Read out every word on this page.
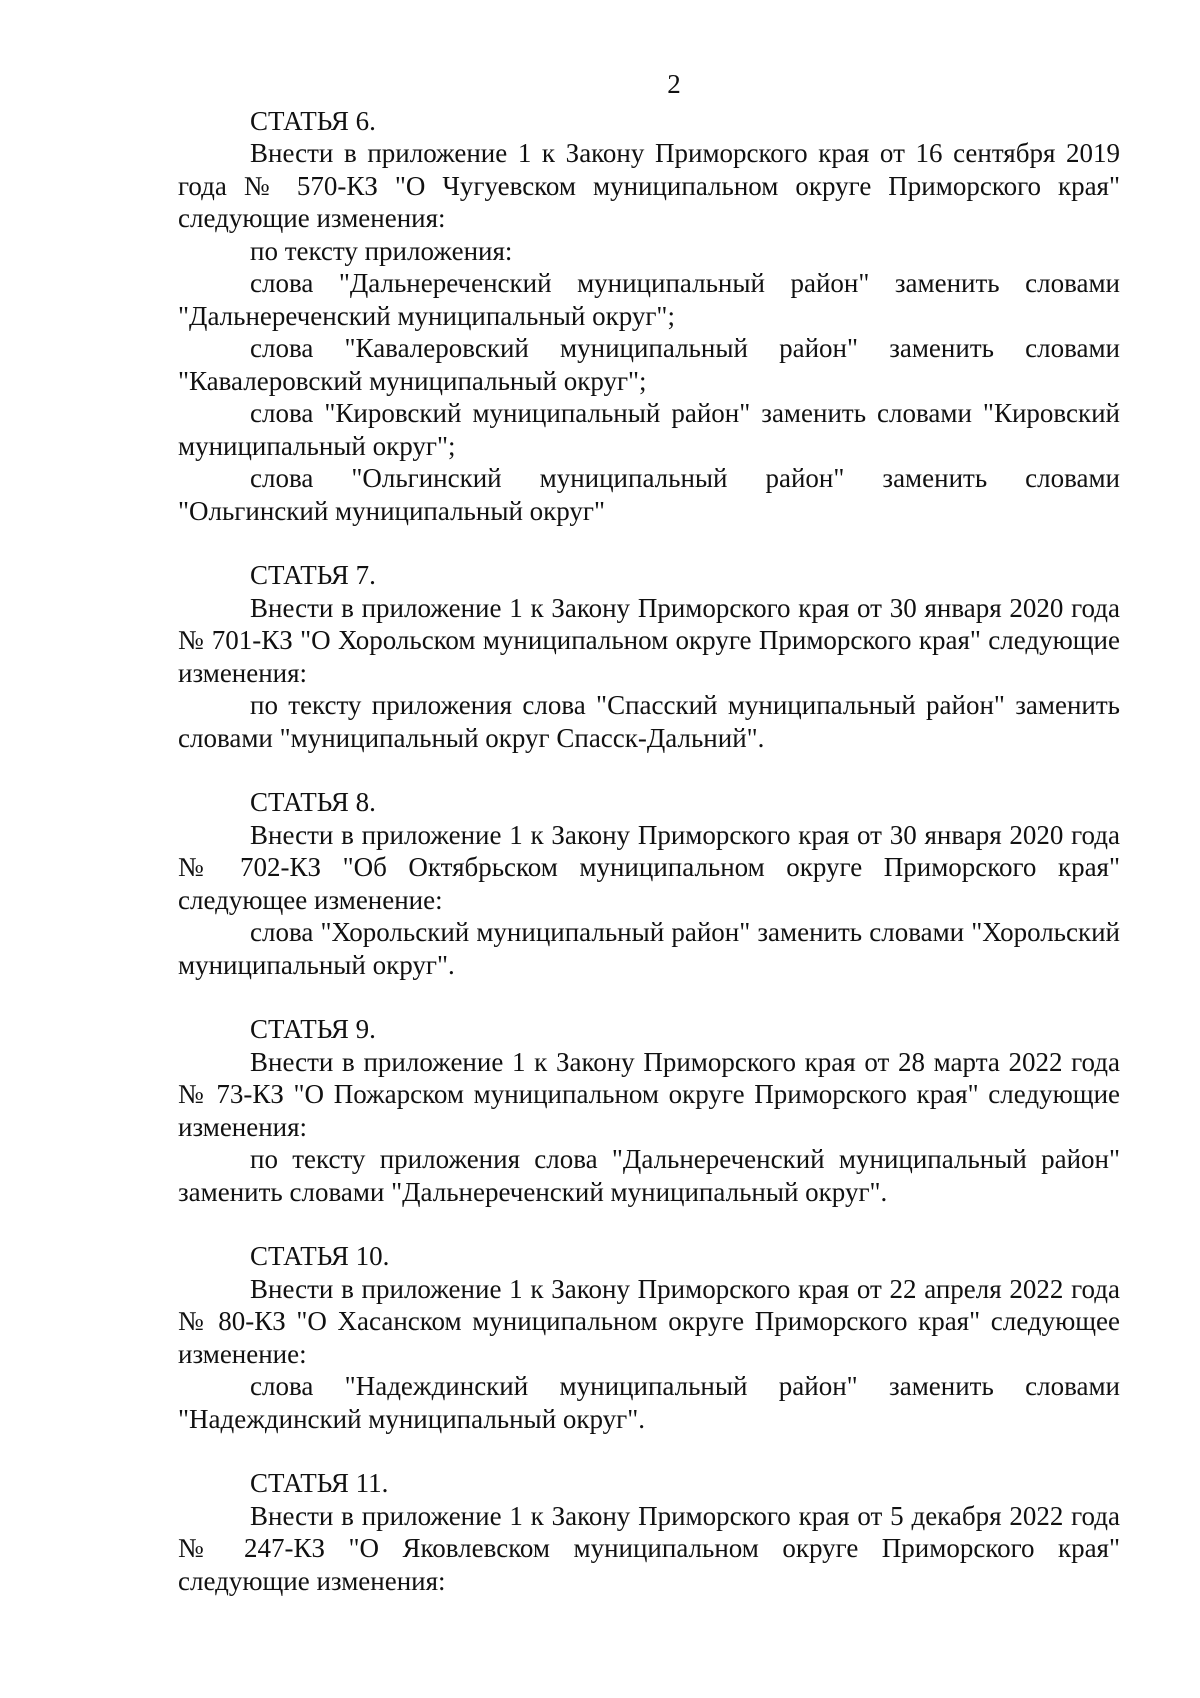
2
СТАТЬЯ 6.
Внести в приложение 1 к Закону Приморского края от 16 сентября 2019 года № 570-КЗ "О Чугуевском муниципальном округе Приморского края" следующие изменения:
по тексту приложения:
слова "Дальнереченский муниципальный район" заменить словами "Дальнереченский муниципальный округ";
слова "Кавалеровский муниципальный район" заменить словами "Кавалеровский муниципальный округ";
слова "Кировский муниципальный район" заменить словами "Кировский муниципальный округ";
слова "Ольгинский муниципальный район" заменить словами "Ольгинский муниципальный округ"
СТАТЬЯ 7.
Внести в приложение 1 к Закону Приморского края от 30 января 2020 года № 701-КЗ "О Хорольском муниципальном округе Приморского края" следующие изменения:
по тексту приложения слова "Спасский муниципальный район" заменить словами "муниципальный округ Спасск-Дальний".
СТАТЬЯ 8.
Внести в приложение 1 к Закону Приморского края от 30 января 2020 года № 702-КЗ "Об Октябрьском муниципальном округе Приморского края" следующее изменение:
слова "Хорольский муниципальный район" заменить словами "Хорольский муниципальный округ".
СТАТЬЯ 9.
Внести в приложение 1 к Закону Приморского края от 28 марта 2022 года № 73-КЗ "О Пожарском муниципальном округе Приморского края" следующие изменения:
по тексту приложения слова "Дальнереченский муниципальный район" заменить словами "Дальнереченский муниципальный округ".
СТАТЬЯ 10.
Внести в приложение 1 к Закону Приморского края от 22 апреля 2022 года № 80-КЗ "О Хасанском муниципальном округе Приморского края" следующее изменение:
слова "Надеждинский муниципальный район" заменить словами "Надеждинский муниципальный округ".
СТАТЬЯ 11.
Внести в приложение 1 к Закону Приморского края от 5 декабря 2022 года № 247-КЗ "О Яковлевском муниципальном округе Приморского края" следующие изменения:
